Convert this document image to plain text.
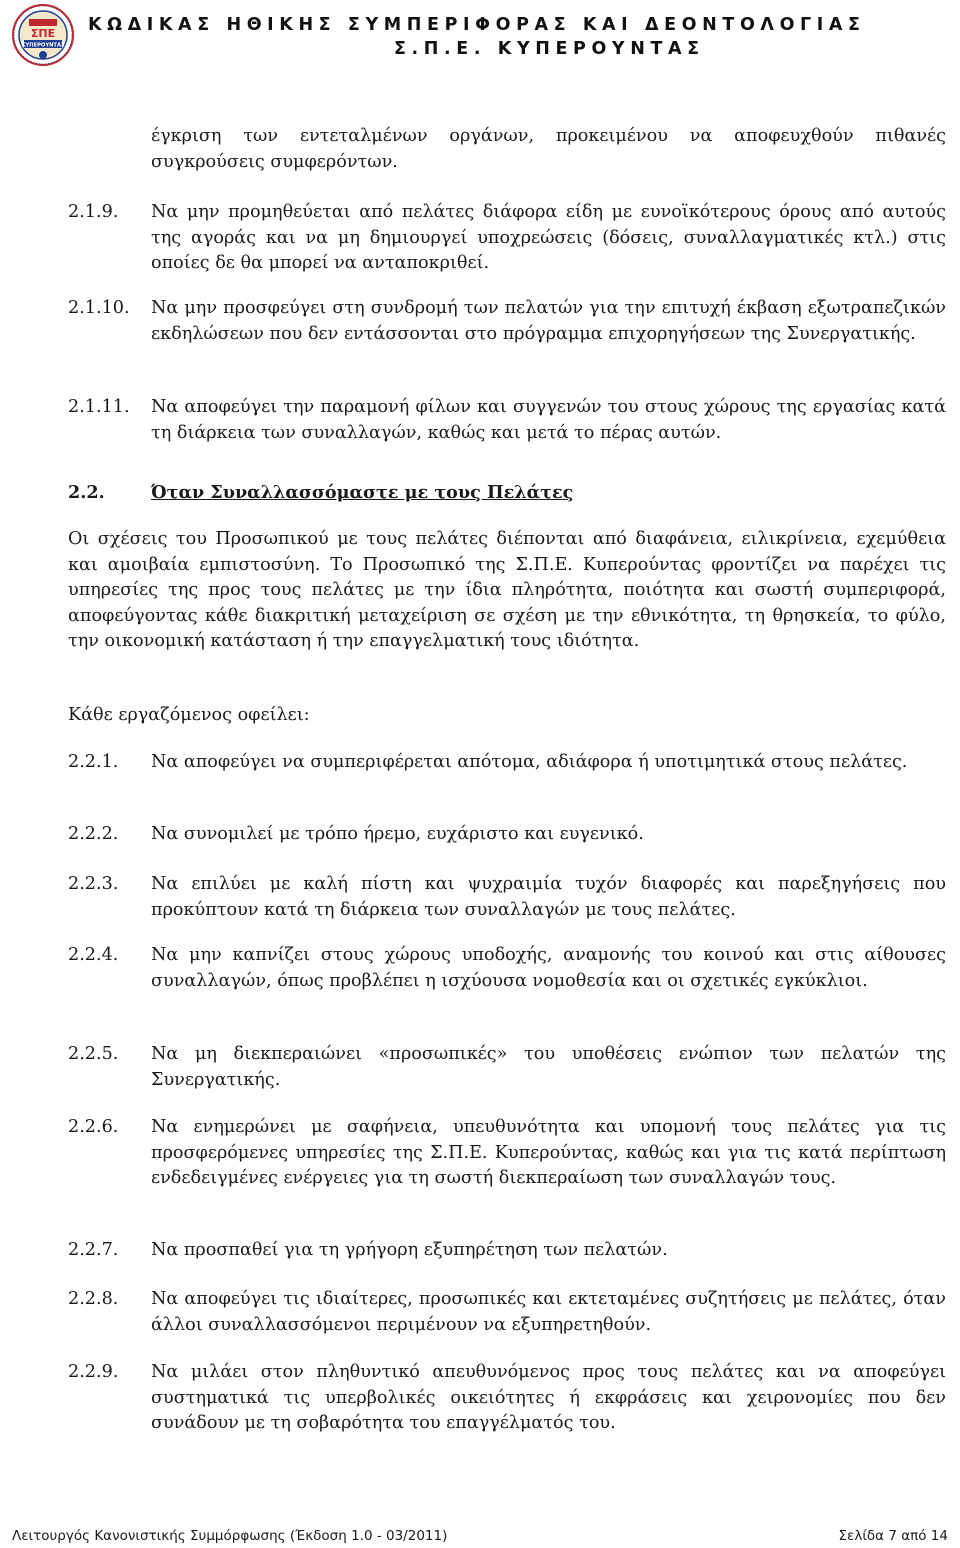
ΣΠΕ
ΚΥΠΕΡΟΥΝΤΑΣ
ΚΩΔΙΚΑΣ ΗΘΙΚΗΣ ΣΥΜΠΕΡΙΦΟΡΑΣ ΚΑΙ ΔΕΟΝΤΟΛΟΓΙΑΣ
Σ.Π.Ε. ΚΥΠΕΡΟΥΝΤΑΣ

έγκριση των εντεταλμένων οργάνων, προκειμένου να αποφευχθούν πιθανές συγκρούσεις συμφερόντων.

2.1.9. Να μην προμηθεύεται από πελάτες διάφορα είδη με ευνοϊκότερους όρους από αυτούς της αγοράς και να μη δημιουργεί υποχρεώσεις (δόσεις, συναλλαγματικές κτλ.) στις οποίες δε θα μπορεί να ανταποκριθεί.

2.1.10. Να μην προσφεύγει στη συνδρομή των πελατών για την επιτυχή έκβαση εξωτραπεζικών εκδηλώσεων που δεν εντάσσονται στο πρόγραμμα επιχορηγήσεων της Συνεργατικής.

2.1.11. Να αποφεύγει την παραμονή φίλων και συγγενών του στους χώρους της εργασίας κατά τη διάρκεια των συναλλαγών, καθώς και μετά το πέρας αυτών.

2.2.	Όταν Συναλλασσόμαστε με τους Πελάτες

Οι σχέσεις του Προσωπικού με τους πελάτες διέπονται από διαφάνεια, ειλικρίνεια, εχεμύθεια και αμοιβαία εμπιστοσύνη. Το Προσωπικό της Σ.Π.Ε. Κυπερούντας φροντίζει να παρέχει τις υπηρεσίες της προς τους πελάτες με την ίδια πληρότητα, ποιότητα και σωστή συμπεριφορά, αποφεύγοντας κάθε διακριτική μεταχείριση σε σχέση με την εθνικότητα, τη θρησκεία, το φύλο, την οικονομική κατάσταση ή την επαγγελματική τους ιδιότητα.

Κάθε εργαζόμενος οφείλει:

2.2.1. Να αποφεύγει να συμπεριφέρεται απότομα, αδιάφορα ή υποτιμητικά στους πελάτες.

2.2.2. Να συνομιλεί με τρόπο ήρεμο, ευχάριστο και ευγενικό.

2.2.3. Να επιλύει με καλή πίστη και ψυχραιμία τυχόν διαφορές και παρεξηγήσεις που προκύπτουν κατά τη διάρκεια των συναλλαγών με τους πελάτες.

2.2.4. Να μην καπνίζει στους χώρους υποδοχής, αναμονής του κοινού και στις αίθουσες συναλλαγών, όπως προβλέπει η ισχύουσα νομοθεσία και οι σχετικές εγκύκλιοι.

2.2.5. Να μη διεκπεραιώνει «προσωπικές» του υποθέσεις ενώπιον των πελατών της Συνεργατικής.

2.2.6. Να ενημερώνει με σαφήνεια, υπευθυνότητα και υπομονή τους πελάτες για τις προσφερόμενες υπηρεσίες της Σ.Π.Ε. Κυπερούντας, καθώς και για τις κατά περίπτωση ενδεδειγμένες ενέργειες για τη σωστή διεκπεραίωση των συναλλαγών τους.

2.2.7. Να προσπαθεί για τη γρήγορη εξυπηρέτηση των πελατών.

2.2.8. Να αποφεύγει τις ιδιαίτερες, προσωπικές και εκτεταμένες συζητήσεις με πελάτες, όταν άλλοι συναλλασσόμενοι περιμένουν να εξυπηρετηθούν.

2.2.9. Να μιλάει στον πληθυντικό απευθυνόμενος προς τους πελάτες και να αποφεύγει συστηματικά τις υπερβολικές οικειότητες ή εκφράσεις και χειρονομίες που δεν συνάδουν με τη σοβαρότητα του επαγγέλματός του.

Λειτουργός Κανονιστικής Συμμόρφωσης (Έκδοση 1.0 - 03/2011)	Σελίδα 7 από 14
